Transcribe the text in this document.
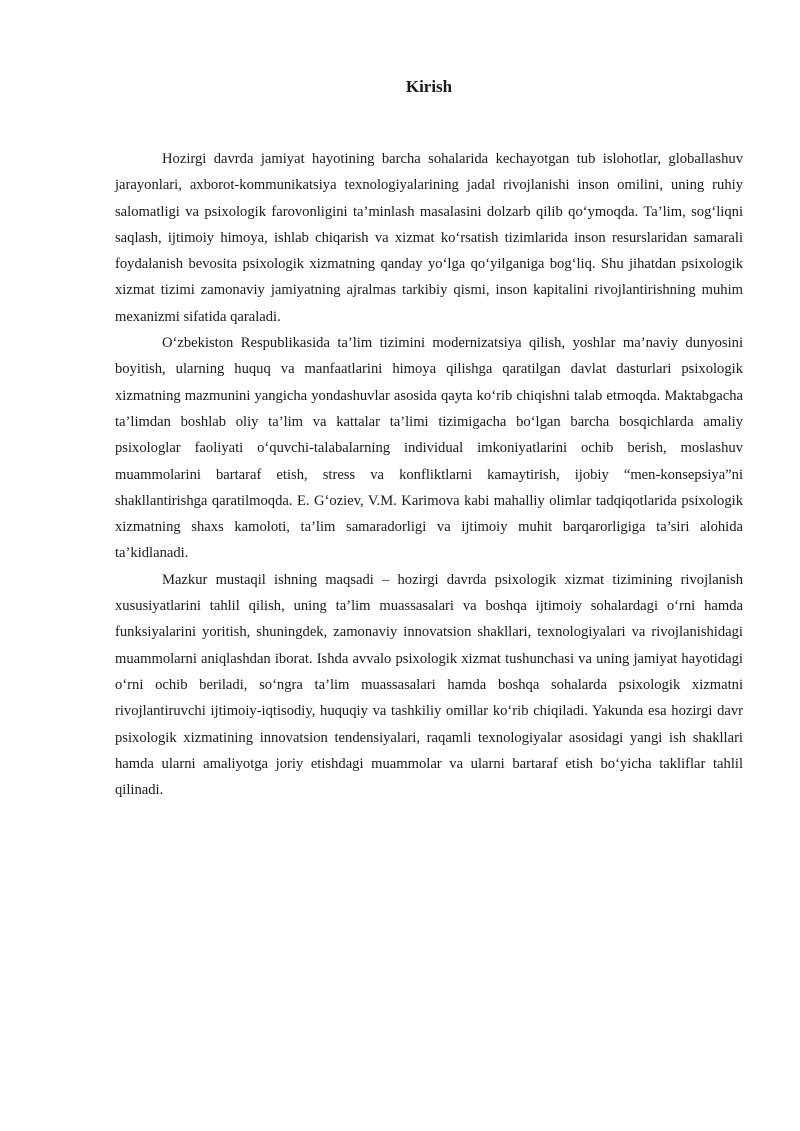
Kirish

Hozirgi davrda jamiyat hayotining barcha sohalarida kechayotgan tub islohotlar, globallashuv jarayonlari, axborot-kommunikatsiya texnologiyalarining jadal rivojlanishi inson omilini, uning ruhiy salomatligi va psixologik farovonligini ta’minlash masalasini dolzarb qilib qo‘ymoqda. Ta’lim, sog‘liqni saqlash, ijtimoiy himoya, ishlab chiqarish va xizmat ko‘rsatish tizimlarida inson resurslaridan samarali foydalanish bevosita psixologik xizmatning qanday yo‘lga qo‘yilganiga bog‘liq. Shu jihatdan psixologik xizmat tizimi zamonaviy jamiyatning ajralmas tarkibiy qismi, inson kapitalini rivojlantirishning muhim mexanizmi sifatida qaraladi.

O‘zbekiston Respublikasida ta’lim tizimini modernizatsiya qilish, yoshlar ma’naviy dunyosini boyitish, ularning huquq va manfaatlarini himoya qilishga qaratilgan davlat dasturlari psixologik xizmatning mazmunini yangicha yondashuvlar asosida qayta ko‘rib chiqishni talab etmoqda. Maktabgacha ta’limdan boshlab oliy ta’lim va kattalar ta’limi tizimigacha bo‘lgan barcha bosqichlarda amaliy psixologlar faoliyati o‘quvchi-talabalarning individual imkoniyatlarini ochib berish, moslashuv muammolarini bartaraf etish, stress va konfliktlarni kamaytirish, ijobiy “men-konsepsiya”ni shakllantirishga qaratilmoqda. E. G‘oziev, V.M. Karimova kabi mahalliy olimlar tadqiqotlarida psixologik xizmatning shaxs kamoloti, ta’lim samaradorligi va ijtimoiy muhit barqarorligiga ta’siri alohida ta’kidlanadi.

Mazkur mustaqil ishning maqsadi – hozirgi davrda psixologik xizmat tizimining rivojlanish xususiyatlarini tahlil qilish, uning ta’lim muassasalari va boshqa ijtimoiy sohalardagi o‘rni hamda funksiyalarini yoritish, shuningdek, zamonaviy innovatsion shakllari, texnologiyalari va rivojlanishidagi muammolarni aniqlashdan iborat. Ishda avvalo psixologik xizmat tushunchasi va uning jamiyat hayotidagi o‘rni ochib beriladi, so‘ngra ta’lim muassasalari hamda boshqa sohalarda psixologik xizmatni rivojlantiruvchi ijtimoiy-iqtisodiy, huquqiy va tashkiliy omillar ko‘rib chiqiladi. Yakunda esa hozirgi davr psixologik xizmatining innovatsion tendensiyalari, raqamli texnologiyalar asosidagi yangi ish shakllari hamda ularni amaliyotga joriy etishdagi muammolar va ularni bartaraf etish bo‘yicha takliflar tahlil qilinadi.
